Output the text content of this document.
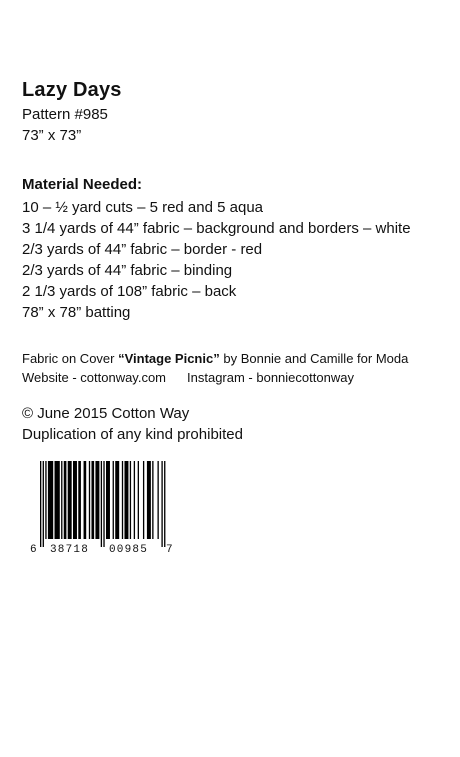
Lazy Days
Pattern #985
73” x 73”
Material Needed:
10 – ½ yard cuts – 5 red and 5 aqua
3 1/4 yards of 44” fabric – background and borders – white
2/3 yards of 44” fabric – border - red
2/3 yards of 44” fabric – binding
2 1/3 yards of 108” fabric – back
78” x 78” batting
Fabric on Cover “Vintage Picnic” by Bonnie and Camille for Moda
Website - cottonway.com Instagram - bonniecottonway
© June 2015 Cotton Way
Duplication of any kind prohibited
6 38718 00985 7
